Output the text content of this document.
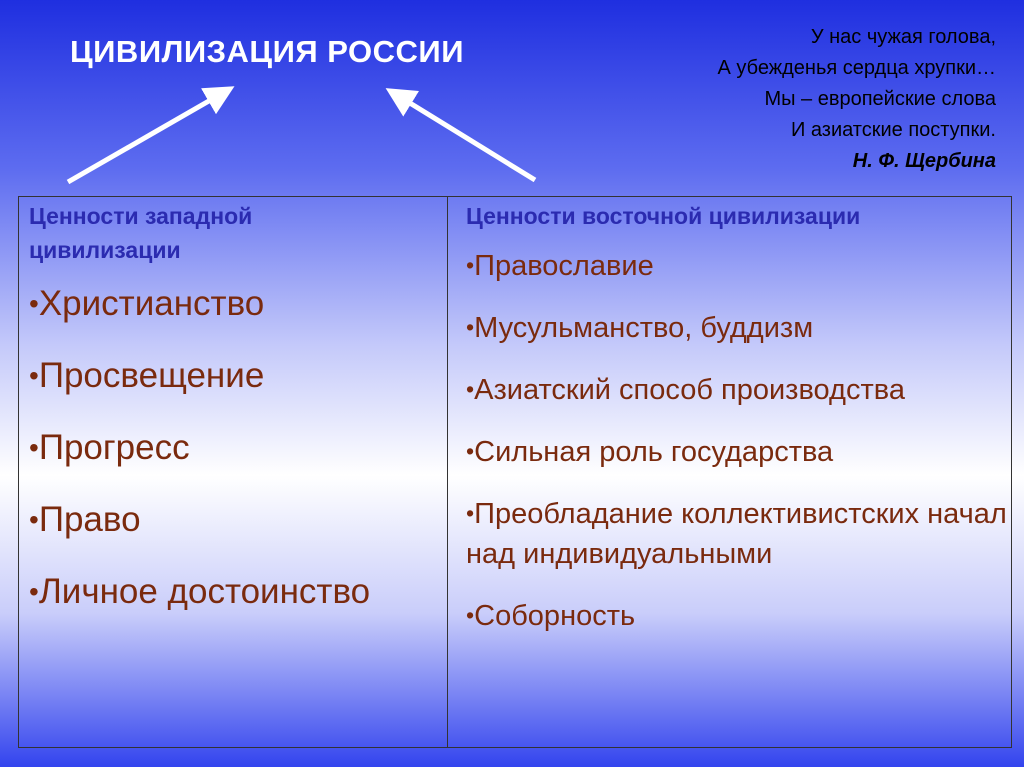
ЦИВИЛИЗАЦИЯ РОССИИ	У нас чужая голова,
А убежденья сердца хрупки…
Мы – европейские слова
И азиатские поступки.
Н. Ф. Щербина

Ценности западной
цивилизации

•Христианство
•Просвещение
•Прогресс
•Право
•Личное достоинство

Ценности восточной цивилизации

•Православие
•Мусульманство, буддизм
•Азиатский способ производства
•Сильная роль государства
•Преобладание коллективистских начал над индивидуальными
•Соборность
